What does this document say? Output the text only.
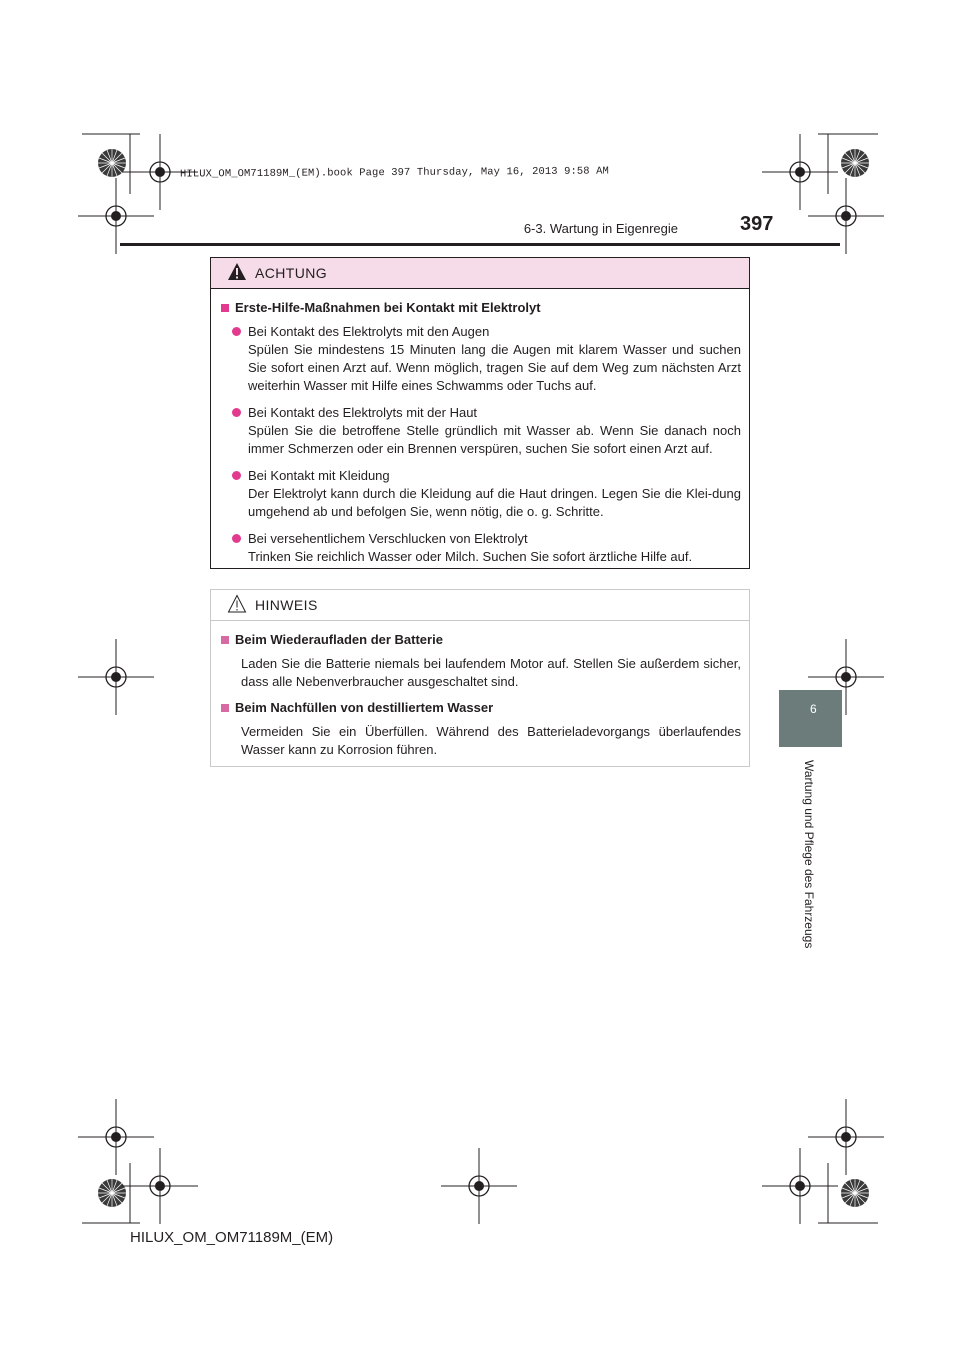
HILUX_OM_OM71189M_(EM).book Page 397 Thursday, May 16, 2013 9:58 AM
6-3. Wartung in Eigenregie	397
6
Wartung und Pflege des Fahrzeugs
ACHTUNG
Erste-Hilfe-Maßnahmen bei Kontakt mit Elektrolyt
Bei Kontakt des Elektrolyts mit den Augen
Spülen Sie mindestens 15 Minuten lang die Augen mit klarem Wasser und suchen Sie sofort einen Arzt auf. Wenn möglich, tragen Sie auf dem Weg zum nächsten Arzt weiterhin Wasser mit Hilfe eines Schwamms oder Tuchs auf.
Bei Kontakt des Elektrolyts mit der Haut
Spülen Sie die betroffene Stelle gründlich mit Wasser ab. Wenn Sie danach noch immer Schmerzen oder ein Brennen verspüren, suchen Sie sofort einen Arzt auf.
Bei Kontakt mit Kleidung
Der Elektrolyt kann durch die Kleidung auf die Haut dringen. Legen Sie die Klei-dung umgehend ab und befolgen Sie, wenn nötig, die o. g. Schritte.
Bei versehentlichem Verschlucken von Elektrolyt
Trinken Sie reichlich Wasser oder Milch. Suchen Sie sofort ärztliche Hilfe auf.
HINWEIS
Beim Wiederaufladen der Batterie
Laden Sie die Batterie niemals bei laufendem Motor auf. Stellen Sie außerdem sicher, dass alle Nebenverbraucher ausgeschaltet sind.
Beim Nachfüllen von destilliertem Wasser
Vermeiden Sie ein Überfüllen. Während des Batterieladevorgangs überlaufendes Wasser kann zu Korrosion führen.
HILUX_OM_OM71189M_(EM)
